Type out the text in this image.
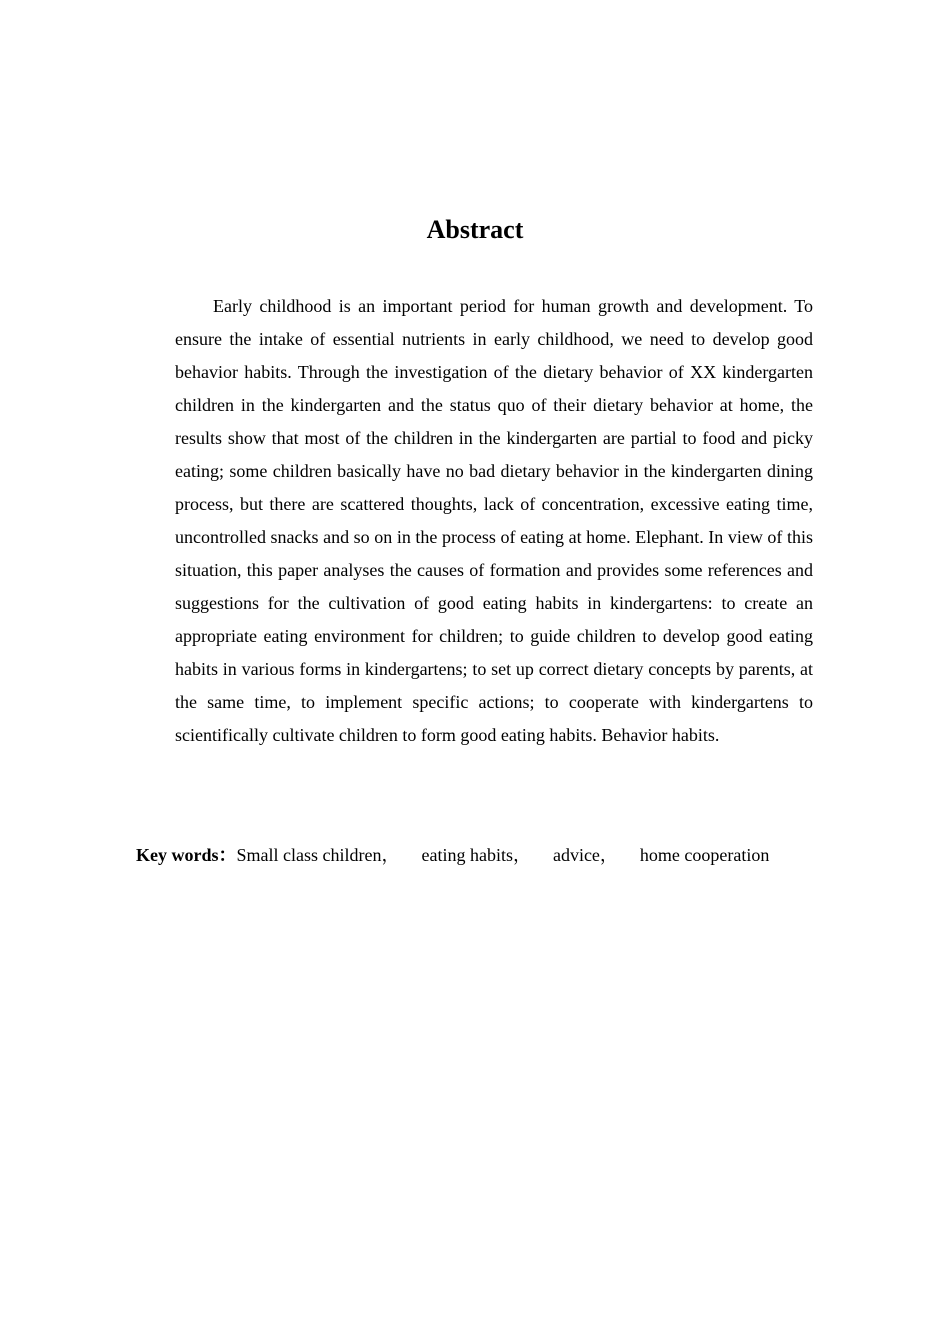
Abstract

Early childhood is an important period for human growth and development. To ensure the intake of essential nutrients in early childhood, we need to develop good behavior habits. Through the investigation of the dietary behavior of XX kindergarten children in the kindergarten and the status quo of their dietary behavior at home, the results show that most of the children in the kindergarten are partial to food and picky eating; some children basically have no bad dietary behavior in the kindergarten dining process, but there are scattered thoughts, lack of concentration, excessive eating time, uncontrolled snacks and so on in the process of eating at home. Elephant. In view of this situation, this paper analyses the causes of formation and provides some references and suggestions for the cultivation of good eating habits in kindergartens: to create an appropriate eating environment for children; to guide children to develop good eating habits in various forms in kindergartens; to set up correct dietary concepts by parents, at the same time, to implement specific actions; to cooperate with kindergartens to scientifically cultivate children to form good eating habits. Behavior habits.

Key words：Small class children， eating habits， advice， home cooperation
